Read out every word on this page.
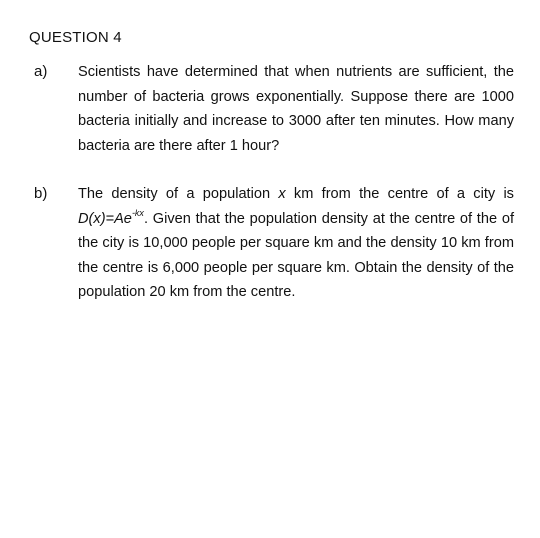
QUESTION 4
a) Scientists have determined that when nutrients are sufficient, the number of bacteria grows exponentially. Suppose there are 1000 bacteria initially and increase to 3000 after ten minutes. How many bacteria are there after 1 hour?
b) The density of a population x km from the centre of a city is $D(x)=Ae^{-kx}$. Given that the population density at the centre of the of the city is 10,000 people per square km and the density 10 km from the centre is 6,000 people per square km. Obtain the density of the population 20 km from the centre.
